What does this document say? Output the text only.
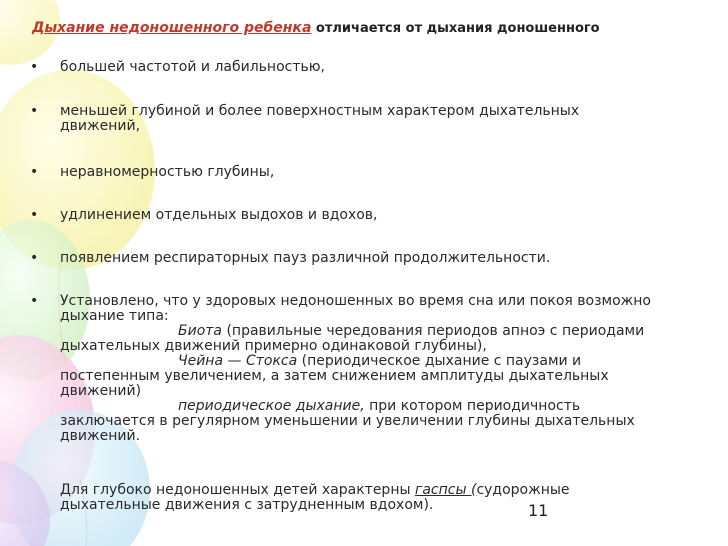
Дыхание недоношенного ребенка отличается от дыхания доношенного
• большей частотой и лабильностью,
• меньшей глубиной и более поверхностным характером дыхательных движений,
• неравномерностью глубины,
• удлинением отдельных выдохов и вдохов,
• появлением респираторных пауз различной продолжительности.
• Установлено, что у здоровых недоношенных во время сна или покоя возможно дыхание типа:
Биота (правильные чередования периодов апноэ с периодами дыхательных движений примерно одинаковой глубины),
Чейна — Стокса (периодическое дыхание с паузами и постепенным увеличением, а затем снижением амплитуды дыхательных движений)
периодическое дыхание, при котором периодичность заключается в регулярном уменьшении и увеличении глубины дыхательных движений.
Для глубоко недоношенных детей характерны гаспсы (судорожные дыхательные движения с затрудненным вдохом).	11
